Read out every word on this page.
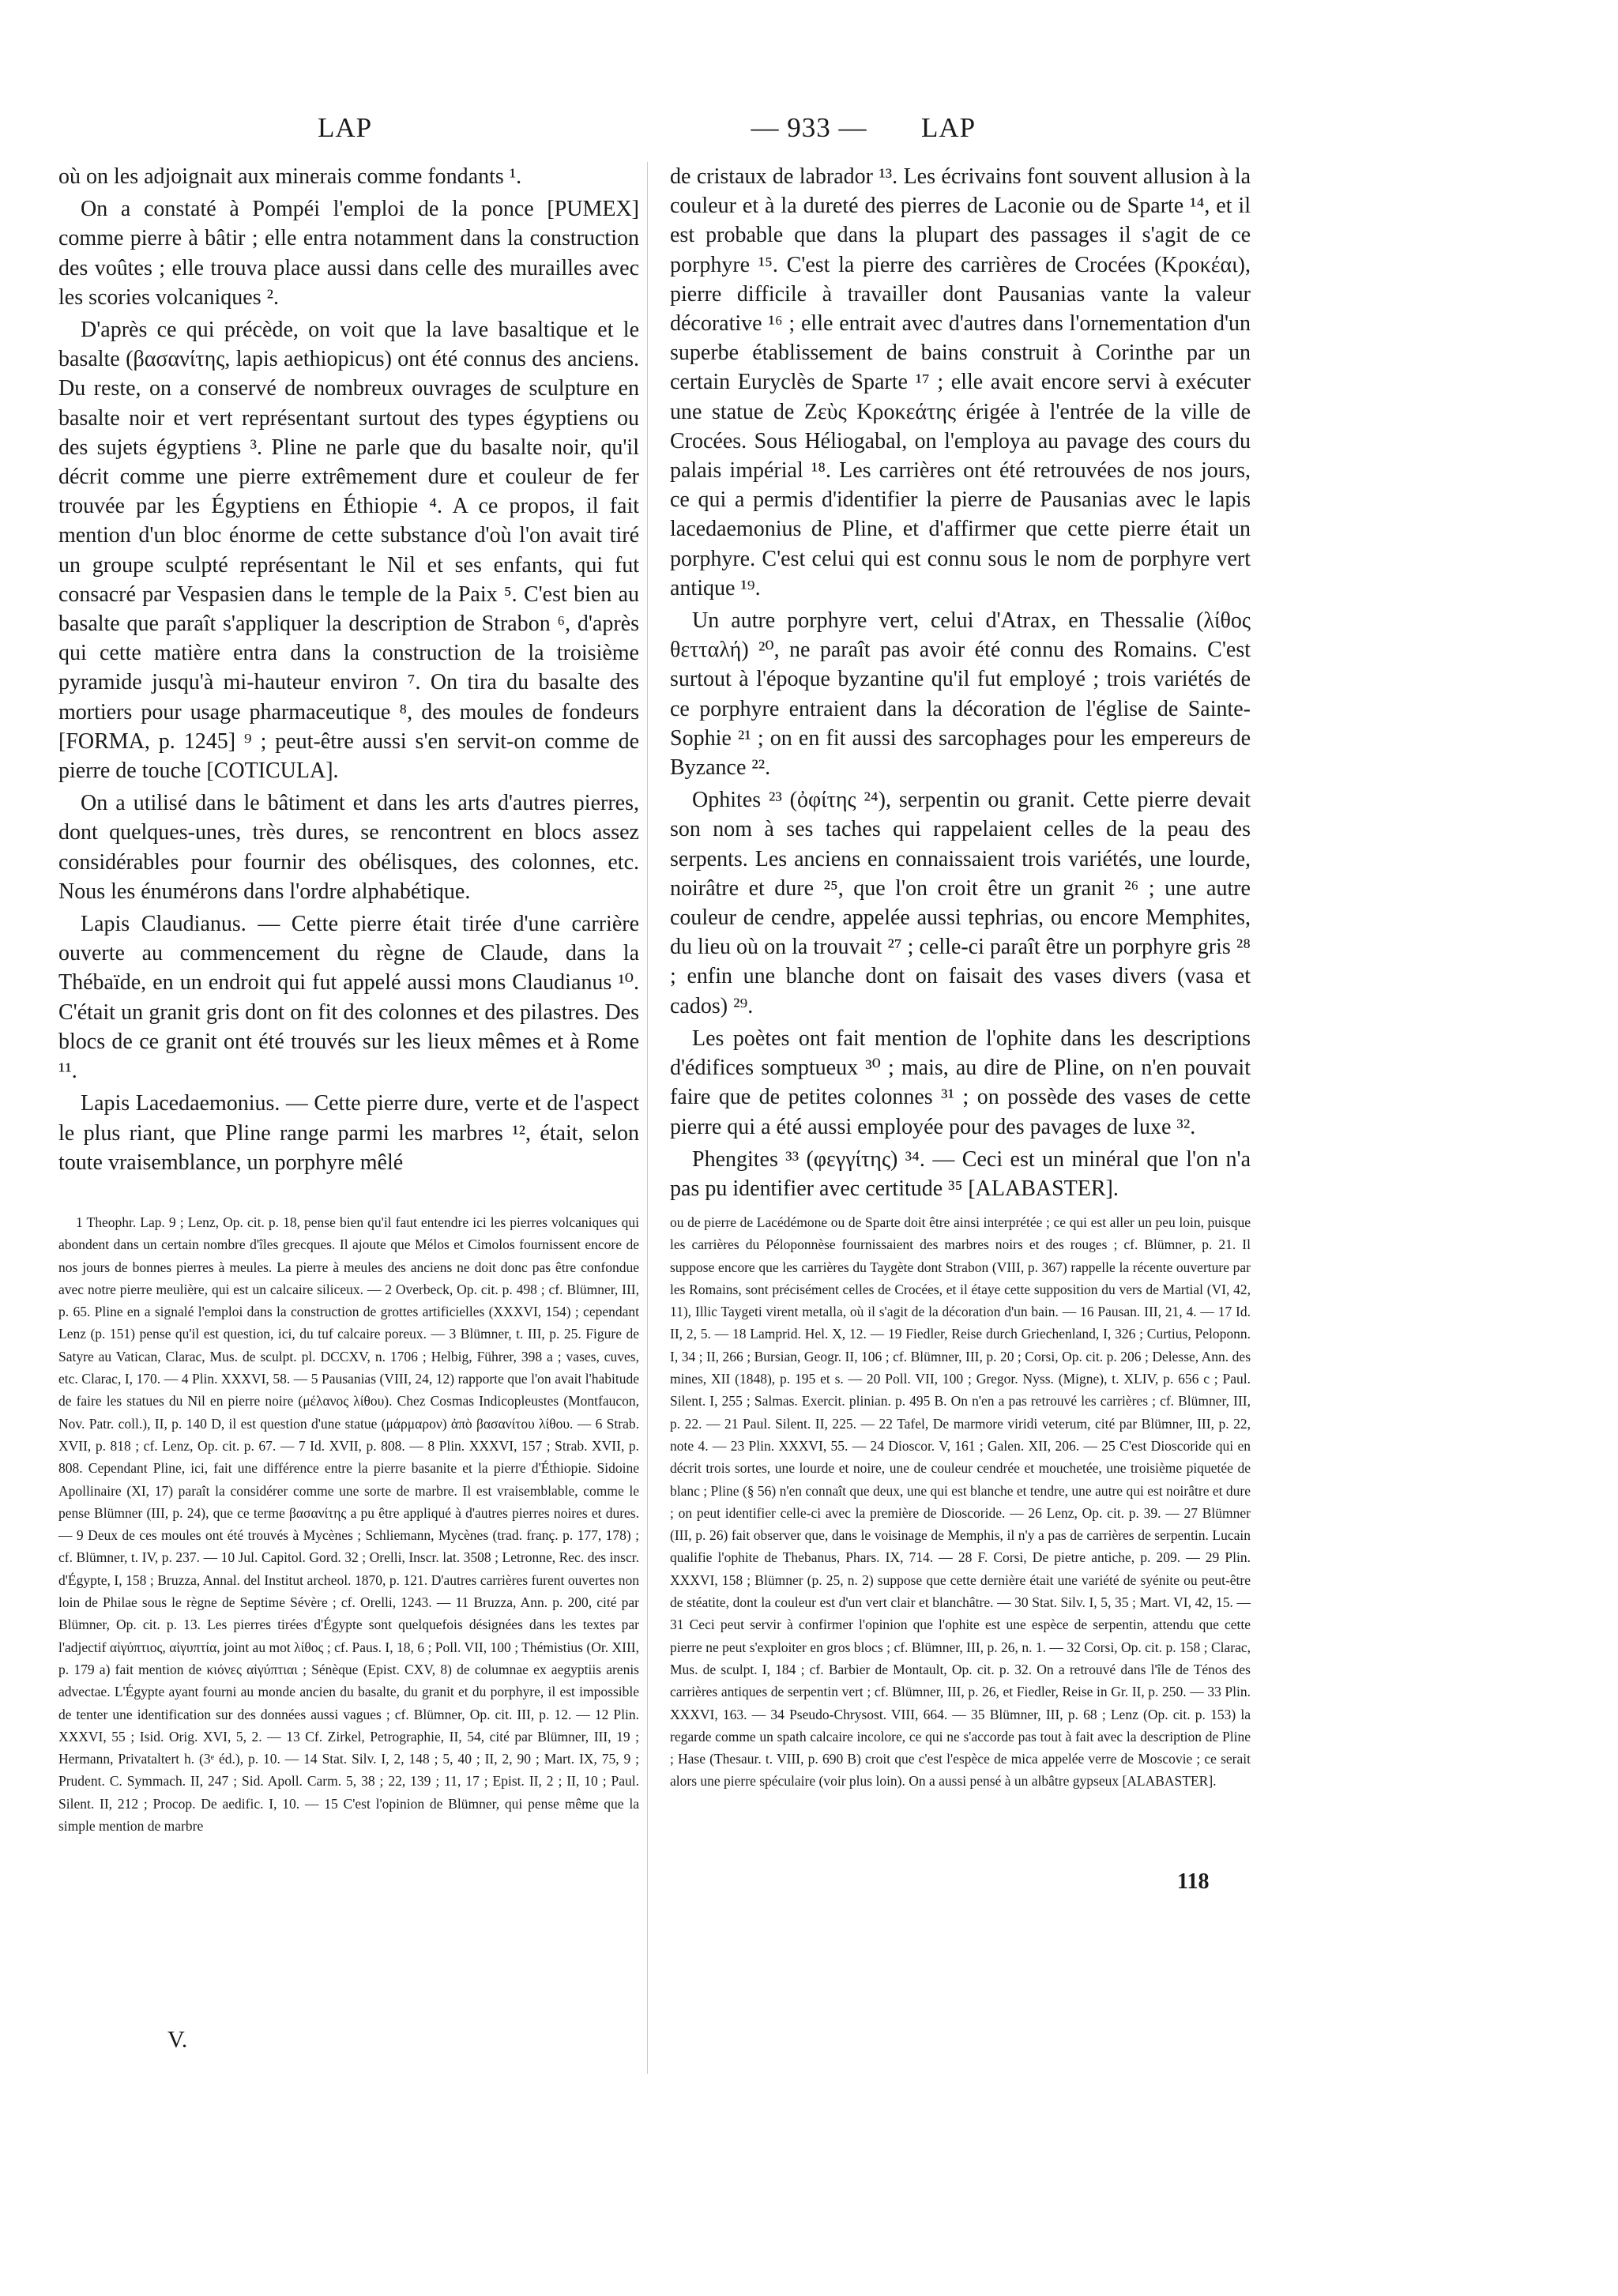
LAP	— 933 —	LAP

où on les adjoignait aux minerais comme fondants ¹.

On a constaté à Pompéi l'emploi de la ponce [PUMEX] comme pierre à bâtir ; elle entra notamment dans la construction des voûtes ; elle trouva place aussi dans celle des murailles avec les scories volcaniques ².

D'après ce qui précède, on voit que la lave basaltique et le basalte (βασανίτης, lapis aethiopicus) ont été connus des anciens. Du reste, on a conservé de nombreux ouvrages de sculpture en basalte noir et vert représentant surtout des types égyptiens ou des sujets égyptiens ³. Pline ne parle que du basalte noir, qu'il décrit comme une pierre extrêmement dure et couleur de fer trouvée par les Égyptiens en Éthiopie ⁴. A ce propos, il fait mention d'un bloc énorme de cette substance d'où l'on avait tiré un groupe sculpté représentant le Nil et ses enfants, qui fut consacré par Vespasien dans le temple de la Paix ⁵. C'est bien au basalte que paraît s'appliquer la description de Strabon ⁶, d'après qui cette matière entra dans la construction de la troisième pyramide jusqu'à mi-hauteur environ ⁷. On tira du basalte des mortiers pour usage pharmaceutique ⁸, des moules de fondeurs [FORMA, p. 1245] ⁹ ; peut-être aussi s'en servit-on comme de pierre de touche [COTICULA].

On a utilisé dans le bâtiment et dans les arts d'autres pierres, dont quelques-unes, très dures, se rencontrent en blocs assez considérables pour fournir des obélisques, des colonnes, etc. Nous les énumérons dans l'ordre alphabétique.

Lapis Claudianus. — Cette pierre était tirée d'une carrière ouverte au commencement du règne de Claude, dans la Thébaïde, en un endroit qui fut appelé aussi mons Claudianus ¹⁰. C'était un granit gris dont on fit des colonnes et des pilastres. Des blocs de ce granit ont été trouvés sur les lieux mêmes et à Rome ¹¹.

Lapis Lacedaemonius. — Cette pierre dure, verte et de l'aspect le plus riant, que Pline range parmi les marbres ¹², était, selon toute vraisemblance, un porphyre mêlé

de cristaux de labrador ¹³. Les écrivains font souvent allusion à la couleur et à la dureté des pierres de Laconie ou de Sparte ¹⁴, et il est probable que dans la plupart des passages il s'agit de ce porphyre ¹⁵. C'est la pierre des carrières de Crocées (Κροκέαι), pierre difficile à travailler dont Pausanias vante la valeur décorative ¹⁶ ; elle entrait avec d'autres dans l'ornementation d'un superbe établissement de bains construit à Corinthe par un certain Euryclès de Sparte ¹⁷ ; elle avait encore servi à exécuter une statue de Ζεὺς Κροκεάτης érigée à l'entrée de la ville de Crocées. Sous Héliogabal, on l'employa au pavage des cours du palais impérial ¹⁸. Les carrières ont été retrouvées de nos jours, ce qui a permis d'identifier la pierre de Pausanias avec le lapis lacedaemonius de Pline, et d'affirmer que cette pierre était un porphyre. C'est celui qui est connu sous le nom de porphyre vert antique ¹⁹.

Un autre porphyre vert, celui d'Atrax, en Thessalie (λίθος θετταλή) ²⁰, ne paraît pas avoir été connu des Romains. C'est surtout à l'époque byzantine qu'il fut employé ; trois variétés de ce porphyre entraient dans la décoration de l'église de Sainte-Sophie ²¹ ; on en fit aussi des sarcophages pour les empereurs de Byzance ²².

Ophites ²³ (ὀφίτης ²⁴), serpentin ou granit. Cette pierre devait son nom à ses taches qui rappelaient celles de la peau des serpents. Les anciens en connaissaient trois variétés, une lourde, noirâtre et dure ²⁵, que l'on croit être un granit ²⁶ ; une autre couleur de cendre, appelée aussi tephrias, ou encore Memphites, du lieu où on la trouvait ²⁷ ; celle-ci paraît être un porphyre gris ²⁸ ; enfin une blanche dont on faisait des vases divers (vasa et cados) ²⁹.

Les poètes ont fait mention de l'ophite dans les descriptions d'édifices somptueux ³⁰ ; mais, au dire de Pline, on n'en pouvait faire que de petites colonnes ³¹ ; on possède des vases de cette pierre qui a été aussi employée pour des pavages de luxe ³².

Phengites ³³ (φεγγίτης) ³⁴. — Ceci est un minéral que l'on n'a pas pu identifier avec certitude ³⁵ [ALABASTER].

1 Theophr. Lap. 9 ; Lenz, Op. cit. p. 18, pense bien qu'il faut entendre ici les pierres volcaniques qui abondent dans un certain nombre d'îles grecques. Il ajoute que Mélos et Cimolos fournissent encore de nos jours de bonnes pierres à meules. La pierre à meules des anciens ne doit donc pas être confondue avec notre pierre meulière, qui est un calcaire siliceux. — 2 Overbeck, Op. cit. p. 498 ; cf. Blümner, III, p. 65. Pline en a signalé l'emploi dans la construction de grottes artificielles (XXXVI, 154) ; cependant Lenz (p. 151) pense qu'il est question, ici, du tuf calcaire poreux. — 3 Blümner, t. III, p. 25. Figure de Satyre au Vatican, Clarac, Mus. de sculpt. pl. DCCXV, n. 1706 ; Helbig, Führer, 398 a ; vases, cuves, etc. Clarac, I, 170. — 4 Plin. XXXVI, 58. — 5 Pausanias (VIII, 24, 12) rapporte que l'on avait l'habitude de faire les statues du Nil en pierre noire (μέλανος λίθου). Chez Cosmas Indicopleustes (Montfaucon, Nov. Patr. coll.), II, p. 140 D, il est question d'une statue (μάρμαρον) ἀπὸ βασανίτου λίθου. — 6 Strab. XVII, p. 818 ; cf. Lenz, Op. cit. p. 67. — 7 Id. XVII, p. 808. — 8 Plin. XXXVI, 157 ; Strab. XVII, p. 808. Cependant Pline, ici, fait une différence entre la pierre basanite et la pierre d'Éthiopie. Sidoine Apollinaire (XI, 17) paraît la considérer comme une sorte de marbre. Il est vraisemblable, comme le pense Blümner (III, p. 24), que ce terme βασανίτης a pu être appliqué à d'autres pierres noires et dures. — 9 Deux de ces moules ont été trouvés à Mycènes ; Schliemann, Mycènes (trad. franç. p. 177, 178) ; cf. Blümner, t. IV, p. 237. — 10 Jul. Capitol. Gord. 32 ; Orelli, Inscr. lat. 3508 ; Letronne, Rec. des inscr. d'Égypte, I, 158 ; Bruzza, Annal. del Institut archeol. 1870, p. 121. D'autres carrières furent ouvertes non loin de Philae sous le règne de Septime Sévère ; cf. Orelli, 1243. — 11 Bruzza, Ann. p. 200, cité par Blümner, Op. cit. p. 13. Les pierres tirées d'Égypte sont quelquefois désignées dans les textes par l'adjectif αἰγύπτιος, αἰγυπτία, joint au mot λίθος ; cf. Paus. I, 18, 6 ; Poll. VII, 100 ; Thémistius (Or. XIII, p. 179 a) fait mention de κιόνες αἰγύπτιαι ; Sénèque (Epist. CXV, 8) de columnae ex aegyptiis arenis advectae. L'Égypte ayant fourni au monde ancien du basalte, du granit et du porphyre, il est impossible de tenter une identification sur des données aussi vagues ; cf. Blümner, Op. cit. III, p. 12. — 12 Plin. XXXVI, 55 ; Isid. Orig. XVI, 5, 2. — 13 Cf. Zirkel, Petrographie, II, 54, cité par Blümner, III, 19 ; Hermann, Privataltert h. (3ᵉ éd.), p. 10. — 14 Stat. Silv. I, 2, 148 ; 5, 40 ; II, 2, 90 ; Mart. IX, 75, 9 ; Prudent. C. Symmach. II, 247 ; Sid. Apoll. Carm. 5, 38 ; 22, 139 ; 11, 17 ; Epist. II, 2 ; II, 10 ; Paul. Silent. II, 212 ; Procop. De aedific. I, 10. — 15 C'est l'opinion de Blümner, qui pense même que la simple mention de marbre

ou de pierre de Lacédémone ou de Sparte doit être ainsi interprétée ; ce qui est aller un peu loin, puisque les carrières du Péloponnèse fournissaient des marbres noirs et des rouges ; cf. Blümner, p. 21. Il suppose encore que les carrières du Taygète dont Strabon (VIII, p. 367) rappelle la récente ouverture par les Romains, sont précisément celles de Crocées, et il étaye cette supposition du vers de Martial (VI, 42, 11), Illic Taygeti virent metalla, où il s'agit de la décoration d'un bain. — 16 Pausan. III, 21, 4. — 17 Id. II, 2, 5. — 18 Lamprid. Hel. X, 12. — 19 Fiedler, Reise durch Griechenland, I, 326 ; Curtius, Peloponn. I, 34 ; II, 266 ; Bursian, Geogr. II, 106 ; cf. Blümner, III, p. 20 ; Corsi, Op. cit. p. 206 ; Delesse, Ann. des mines, XII (1848), p. 195 et s. — 20 Poll. VII, 100 ; Gregor. Nyss. (Migne), t. XLIV, p. 656 c ; Paul. Silent. I, 255 ; Salmas. Exercit. plinian. p. 495 B. On n'en a pas retrouvé les carrières ; cf. Blümner, III, p. 22. — 21 Paul. Silent. II, 225. — 22 Tafel, De marmore viridi veterum, cité par Blümner, III, p. 22, note 4. — 23 Plin. XXXVI, 55. — 24 Dioscor. V, 161 ; Galen. XII, 206. — 25 C'est Dioscoride qui en décrit trois sortes, une lourde et noire, une de couleur cendrée et mouchetée, une troisième piquetée de blanc ; Pline (§ 56) n'en connaît que deux, une qui est blanche et tendre, une autre qui est noirâtre et dure ; on peut identifier celle-ci avec la première de Dioscoride. — 26 Lenz, Op. cit. p. 39. — 27 Blümner (III, p. 26) fait observer que, dans le voisinage de Memphis, il n'y a pas de carrières de serpentin. Lucain qualifie l'ophite de Thebanus, Phars. IX, 714. — 28 F. Corsi, De pietre antiche, p. 209. — 29 Plin. XXXVI, 158 ; Blümner (p. 25, n. 2) suppose que cette dernière était une variété de syénite ou peut-être de stéatite, dont la couleur est d'un vert clair et blanchâtre. — 30 Stat. Silv. I, 5, 35 ; Mart. VI, 42, 15. — 31 Ceci peut servir à confirmer l'opinion que l'ophite est une espèce de serpentin, attendu que cette pierre ne peut s'exploiter en gros blocs ; cf. Blümner, III, p. 26, n. 1. — 32 Corsi, Op. cit. p. 158 ; Clarac, Mus. de sculpt. I, 184 ; cf. Barbier de Montault, Op. cit. p. 32. On a retrouvé dans l'île de Ténos des carrières antiques de serpentin vert ; cf. Blümner, III, p. 26, et Fiedler, Reise in Gr. II, p. 250. — 33 Plin. XXXVI, 163. — 34 Pseudo-Chrysost. VIII, 664. — 35 Blümner, III, p. 68 ; Lenz (Op. cit. p. 153) la regarde comme un spath calcaire incolore, ce qui ne s'accorde pas tout à fait avec la description de Pline ; Hase (Thesaur. t. VIII, p. 690 B) croit que c'est l'espèce de mica appelée verre de Moscovie ; ce serait alors une pierre spéculaire (voir plus loin). On a aussi pensé à un albâtre gypseux [ALABASTER].

118
V.
